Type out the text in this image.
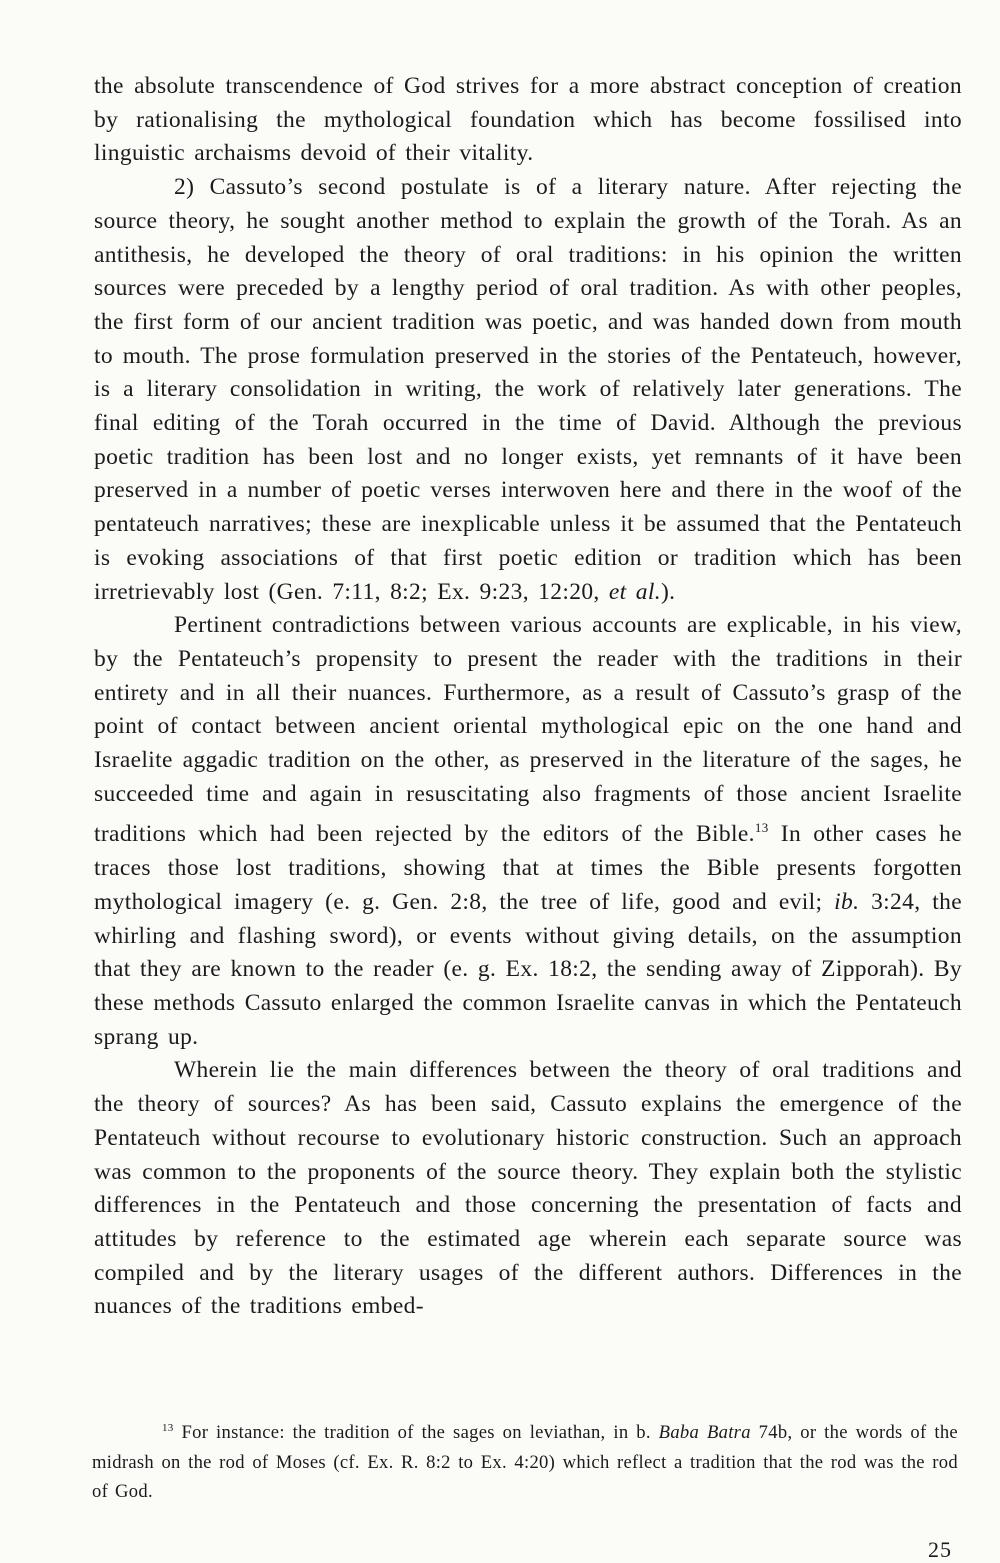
the absolute transcendence of God strives for a more abstract conception of creation by rationalising the mythological foundation which has become fossilised into linguistic archaisms devoid of their vitality.

2) Cassuto’s second postulate is of a literary nature. After rejecting the source theory, he sought another method to explain the growth of the Torah. As an antithesis, he developed the theory of oral traditions: in his opinion the written sources were preceded by a lengthy period of oral tradition. As with other peoples, the first form of our ancient tradition was poetic, and was handed down from mouth to mouth. The prose formulation preserved in the stories of the Pentateuch, however, is a literary consolidation in writing, the work of relatively later generations. The final editing of the Torah occurred in the time of David. Although the previous poetic tradition has been lost and no longer exists, yet remnants of it have been preserved in a number of poetic verses interwoven here and there in the woof of the pentateuch narratives; these are inexplicable unless it be assumed that the Pentateuch is evoking associations of that first poetic edition or tradition which has been irretrievably lost (Gen. 7:11, 8:2; Ex. 9:23, 12:20, et al.).

Pertinent contradictions between various accounts are explicable, in his view, by the Pentateuch’s propensity to present the reader with the traditions in their entirety and in all their nuances. Furthermore, as a result of Cassuto’s grasp of the point of contact between ancient oriental mythological epic on the one hand and Israelite aggadic tradition on the other, as preserved in the literature of the sages, he succeeded time and again in resuscitating also fragments of those ancient Israelite traditions which had been rejected by the editors of the Bible.$^{13}$ In other cases he traces those lost traditions, showing that at times the Bible presents forgotten mythological imagery (e. g. Gen. 2:8, the tree of life, good and evil; ib. 3:24, the whirling and flashing sword), or events without giving details, on the assumption that they are known to the reader (e. g. Ex. 18:2, the sending away of Zipporah). By these methods Cassuto enlarged the common Israelite canvas in which the Pentateuch sprang up.

Wherein lie the main differences between the theory of oral traditions and the theory of sources? As has been said, Cassuto explains the emergence of the Pentateuch without recourse to evolutionary historic construction. Such an approach was common to the proponents of the source theory. They explain both the stylistic differences in the Pentateuch and those concerning the presentation of facts and attitudes by reference to the estimated age wherein each separate source was compiled and by the literary usages of the different authors. Differences in the nuances of the traditions embed-

$^{13}$ For instance: the tradition of the sages on leviathan, in b. Baba Batra 74b, or the words of the midrash on the rod of Moses (cf. Ex. R. 8:2 to Ex. 4:20) which reflect a tradition that the rod was the rod of God.

25
